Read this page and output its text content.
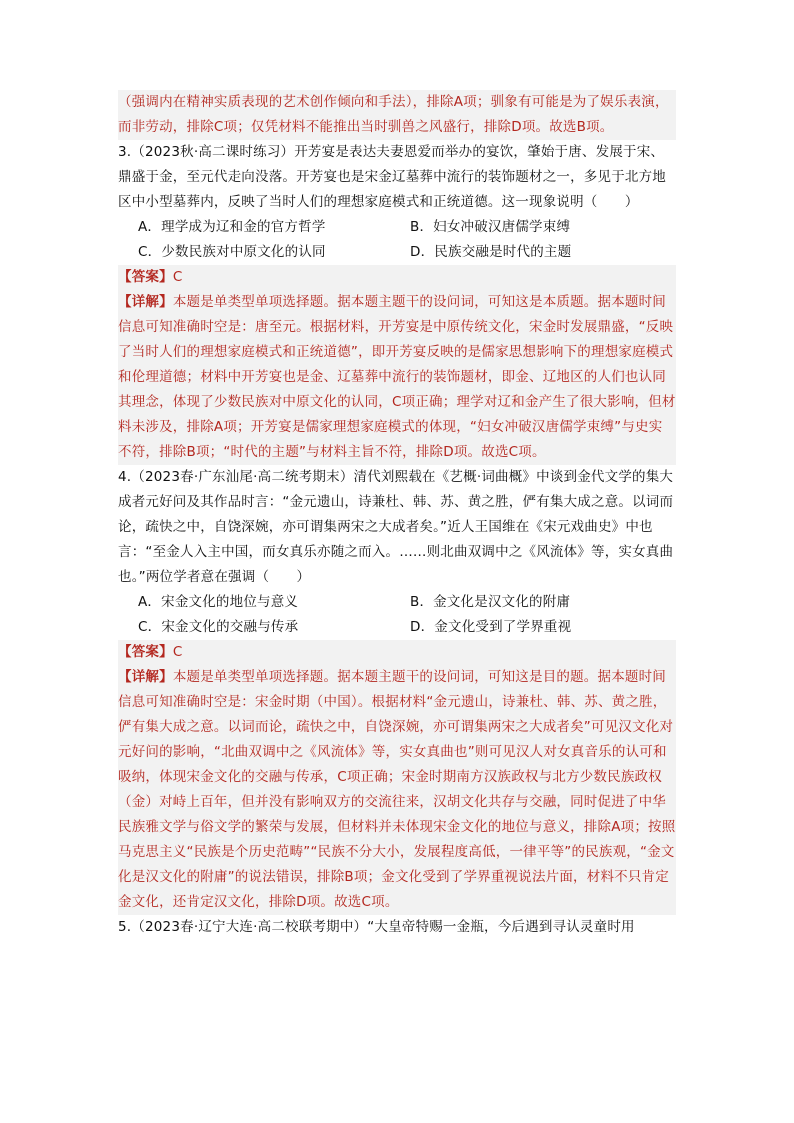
（强调内在精神实质表现的艺术创作倾向和手法），排除A项；驯象有可能是为了娱乐表演，而非劳动，排除C项；仅凭材料不能推出当时驯兽之风盛行，排除D项。故选B项。

3.（2023秋·高二课时练习）开芳宴是表达夫妻恩爱而举办的宴饮，肇始于唐、发展于宋、鼎盛于金，至元代走向没落。开芳宴也是宋金辽墓葬中流行的装饰题材之一，多见于北方地区中小型墓葬内，反映了当时人们的理想家庭模式和正统道德。这一现象说明（　　）

A．理学成为辽和金的官方哲学	B．妇女冲破汉唐儒学束缚

C．少数民族对中原文化的认同	D．民族交融是时代的主题

【答案】C

【详解】本题是单类型单项选择题。据本题主题干的设问词，可知这是本质题。据本题时间信息可知准确时空是：唐至元。根据材料，开芳宴是中原传统文化，宋金时发展鼎盛，“反映了当时人们的理想家庭模式和正统道德”，即开芳宴反映的是儒家思想影响下的理想家庭模式和伦理道德；材料中开芳宴也是金、辽墓葬中流行的装饰题材，即金、辽地区的人们也认同其理念，体现了少数民族对中原文化的认同，C项正确；理学对辽和金产生了很大影响，但材料未涉及，排除A项；开芳宴是儒家理想家庭模式的体现，“妇女冲破汉唐儒学束缚”与史实不符，排除B项；“时代的主题”与材料主旨不符，排除D项。故选C项。

4.（2023春·广东汕尾·高二统考期末）清代刘熙载在《艺概·词曲概》中谈到金代文学的集大成者元好问及其作品时言：“金元遗山，诗兼杜、韩、苏、黄之胜，俨有集大成之意。以词而论，疏快之中，自饶深婉，亦可谓集两宋之大成者矣。”近人王国维在《宋元戏曲史》中也言：“至金人入主中国，而女真乐亦随之而入。……则北曲双调中之《风流体》等，实女真曲也。”两位学者意在强调（　　）

A．宋金文化的地位与意义	B．金文化是汉文化的附庸

C．宋金文化的交融与传承	D．金文化受到了学界重视

【答案】C

【详解】本题是单类型单项选择题。据本题主题干的设问词，可知这是目的题。据本题时间信息可知准确时空是：宋金时期（中国）。根据材料“金元遗山，诗兼杜、韩、苏、黄之胜，俨有集大成之意。以词而论，疏快之中，自饶深婉，亦可谓集两宋之大成者矣”可见汉文化对元好问的影响，“北曲双调中之《风流体》等，实女真曲也”则可见汉人对女真音乐的认可和吸纳，体现宋金文化的交融与传承，C项正确；宋金时期南方汉族政权与北方少数民族政权（金）对峙上百年，但并没有影响双方的交流往来，汉胡文化共存与交融，同时促进了中华民族雅文学与俗文学的繁荣与发展，但材料并未体现宋金文化的地位与意义，排除A项；按照马克思主义“民族是个历史范畴”“民族不分大小，发展程度高低，一律平等”的民族观，“金文化是汉文化的附庸”的说法错误，排除B项；金文化受到了学界重视说法片面，材料不只肯定金文化，还肯定汉文化，排除D项。故选C项。

5.（2023春·辽宁大连·高二校联考期中）“大皇帝特赐一金瓶，今后遇到寻认灵童时用
